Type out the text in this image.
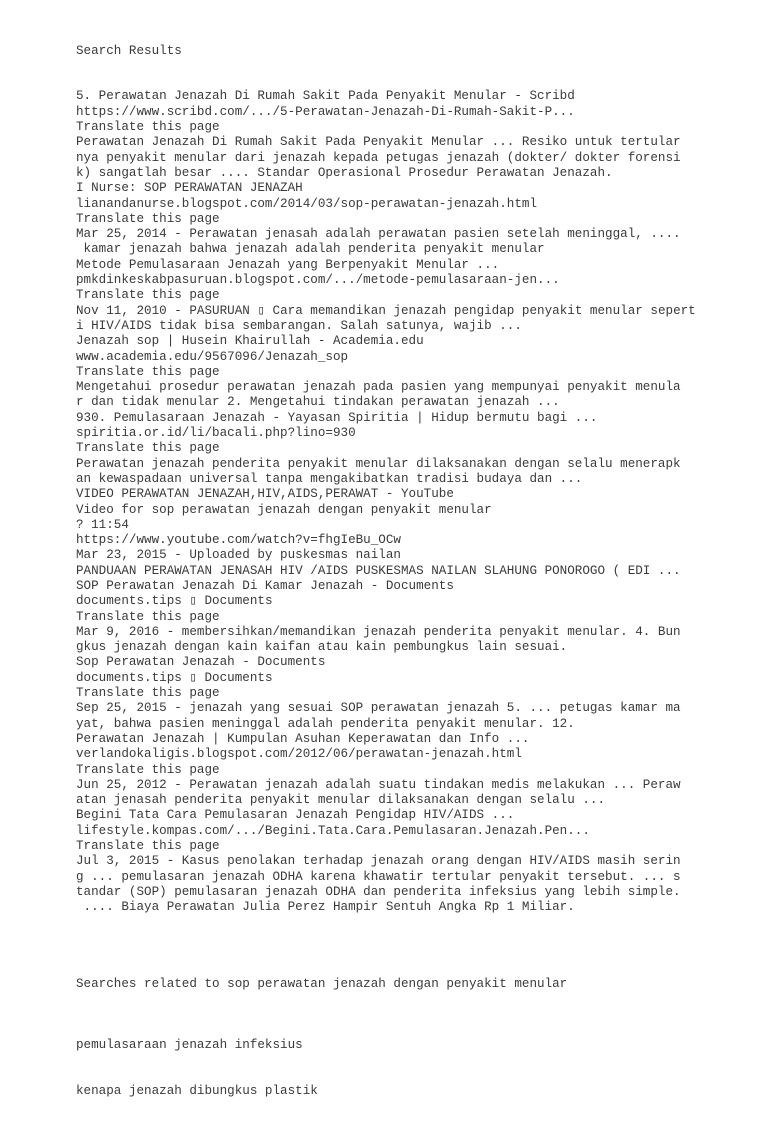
Search Results

5. Perawatan Jenazah Di Rumah Sakit Pada Penyakit Menular - Scribd
https://www.scribd.com/.../5-Perawatan-Jenazah-Di-Rumah-Sakit-P...
Translate this page
Perawatan Jenazah Di Rumah Sakit Pada Penyakit Menular ... Resiko untuk tertular
nya penyakit menular dari jenazah kepada petugas jenazah (dokter/ dokter forensi
k) sangatlah besar .... Standar Operasional Prosedur Perawatan Jenazah.
I Nurse: SOP PERAWATAN JENAZAH
lianandanurse.blogspot.com/2014/03/sop-perawatan-jenazah.html
Translate this page
Mar 25, 2014 - Perawatan jenasah adalah perawatan pasien setelah meninggal, ....
kamar jenazah bahwa jenazah adalah penderita penyakit menular
Metode Pemulasaraan Jenazah yang Berpenyakit Menular ...
pmkdinkeskabpasuruan.blogspot.com/.../metode-pemulasaraan-jen...
Translate this page
Nov 11, 2010 - PASURUAN ▯ Cara memandikan jenazah pengidap penyakit menular sepert
i HIV/AIDS tidak bisa sembarangan. Salah satunya, wajib ...
Jenazah sop | Husein Khairullah - Academia.edu
www.academia.edu/9567096/Jenazah_sop
Translate this page
Mengetahui prosedur perawatan jenazah pada pasien yang mempunyai penyakit menula
r dan tidak menular 2. Mengetahui tindakan perawatan jenazah ...
930. Pemulasaraan Jenazah - Yayasan Spiritia | Hidup bermutu bagi ...
spiritia.or.id/li/bacali.php?lino=930
Translate this page
Perawatan jenazah penderita penyakit menular dilaksanakan dengan selalu menerapk
an kewaspadaan universal tanpa mengakibatkan tradisi budaya dan ...
VIDEO PERAWATAN JENAZAH,HIV,AIDS,PERAWAT - YouTube
Video for sop perawatan jenazah dengan penyakit menular
? 11:54
https://www.youtube.com/watch?v=fhgIeBu_OCw
Mar 23, 2015 - Uploaded by puskesmas nailan
PANDUAAN PERAWATAN JENASAH HIV /AIDS PUSKESMAS NAILAN SLAHUNG PONOROGO ( EDI ...
SOP Perawatan Jenazah Di Kamar Jenazah - Documents
documents.tips ▯ Documents
Translate this page
Mar 9, 2016 - membersihkan/memandikan jenazah penderita penyakit menular. 4. Bun
gkus jenazah dengan kain kaifan atau kain pembungkus lain sesuai.
Sop Perawatan Jenazah - Documents
documents.tips ▯ Documents
Translate this page
Sep 25, 2015 - jenazah yang sesuai SOP perawatan jenazah 5. ... petugas kamar ma
yat, bahwa pasien meninggal adalah penderita penyakit menular. 12.
Perawatan Jenazah | Kumpulan Asuhan Keperawatan dan Info ...
verlandokaligis.blogspot.com/2012/06/perawatan-jenazah.html
Translate this page
Jun 25, 2012 - Perawatan jenazah adalah suatu tindakan medis melakukan ... Peraw
atan jenasah penderita penyakit menular dilaksanakan dengan selalu ...
Begini Tata Cara Pemulasaran Jenazah Pengidap HIV/AIDS ...
lifestyle.kompas.com/.../Begini.Tata.Cara.Pemulasaran.Jenazah.Pen...
Translate this page
Jul 3, 2015 - Kasus penolakan terhadap jenazah orang dengan HIV/AIDS masih serin
g ... pemulasaran jenazah ODHA karena khawatir tertular penyakit tersebut. ... s
tandar (SOP) pemulasaran jenazah ODHA dan penderita infeksius yang lebih simple.
.... Biaya Perawatan Julia Perez Hampir Sentuh Angka Rp 1 Miliar.

Searches related to sop perawatan jenazah dengan penyakit menular

pemulasaraan jenazah infeksius
kenapa jenazah dibungkus plastik
